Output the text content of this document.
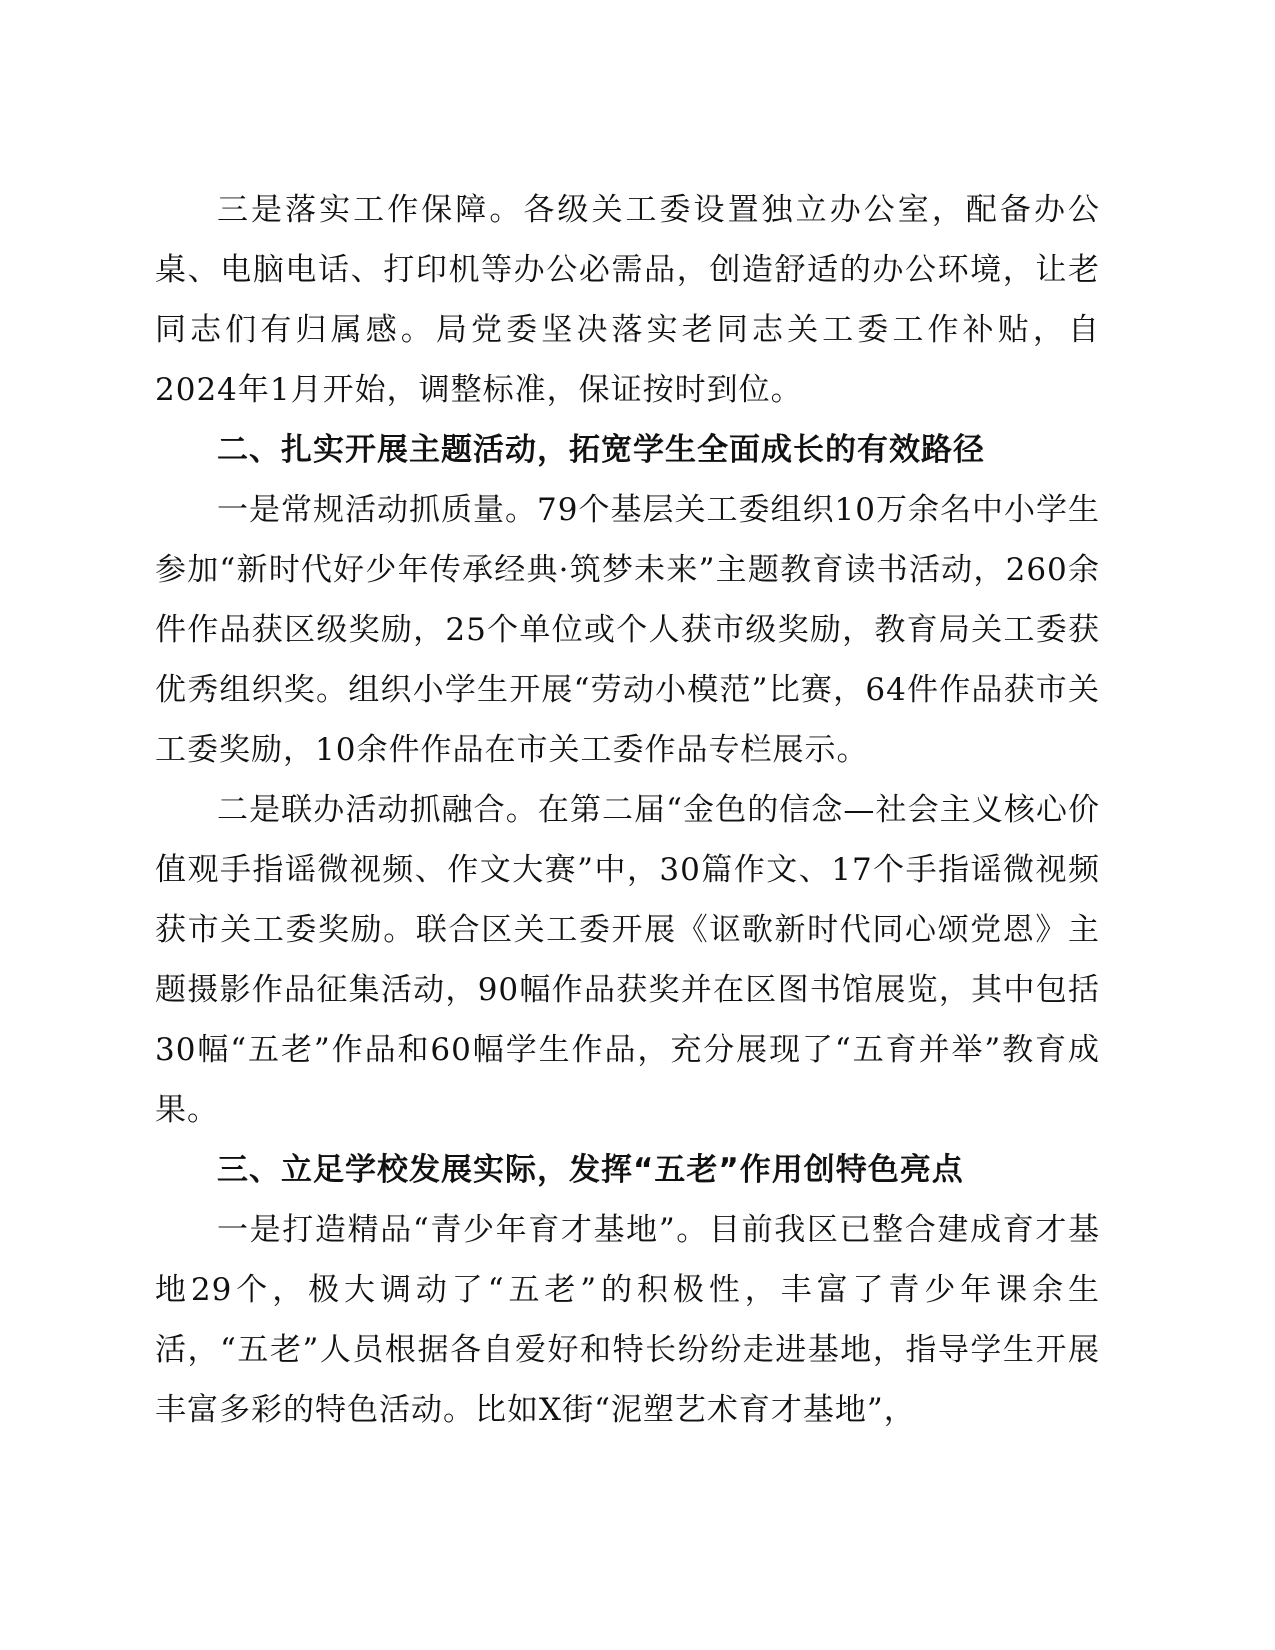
三是落实工作保障。各级关工委设置独立办公室，配备办公桌、电脑电话、打印机等办公必需品，创造舒适的办公环境，让老同志们有归属感。局党委坚决落实老同志关工委工作补贴，自2024年1月开始，调整标准，保证按时到位。

二、扎实开展主题活动，拓宽学生全面成长的有效路径

一是常规活动抓质量。79个基层关工委组织10万余名中小学生参加“新时代好少年传承经典·筑梦未来”主题教育读书活动，260余件作品获区级奖励，25个单位或个人获市级奖励，教育局关工委获优秀组织奖。组织小学生开展“劳动小模范”比赛，64件作品获市关工委奖励，10余件作品在市关工委作品专栏展示。

二是联办活动抓融合。在第二届“金色的信念—社会主义核心价值观手指谣微视频、作文大赛”中，30篇作文、17个手指谣微视频获市关工委奖励。联合区关工委开展《讴歌新时代同心颂党恩》主题摄影作品征集活动，90幅作品获奖并在区图书馆展览，其中包括30幅“五老”作品和60幅学生作品，充分展现了“五育并举”教育成果。

三、立足学校发展实际，发挥“五老”作用创特色亮点

一是打造精品“青少年育才基地”。目前我区已整合建成育才基地29个，极大调动了“五老”的积极性，丰富了青少年课余生活，“五老”人员根据各自爱好和特长纷纷走进基地，指导学生开展丰富多彩的特色活动。比如X街“泥塑艺术育才基地”，
